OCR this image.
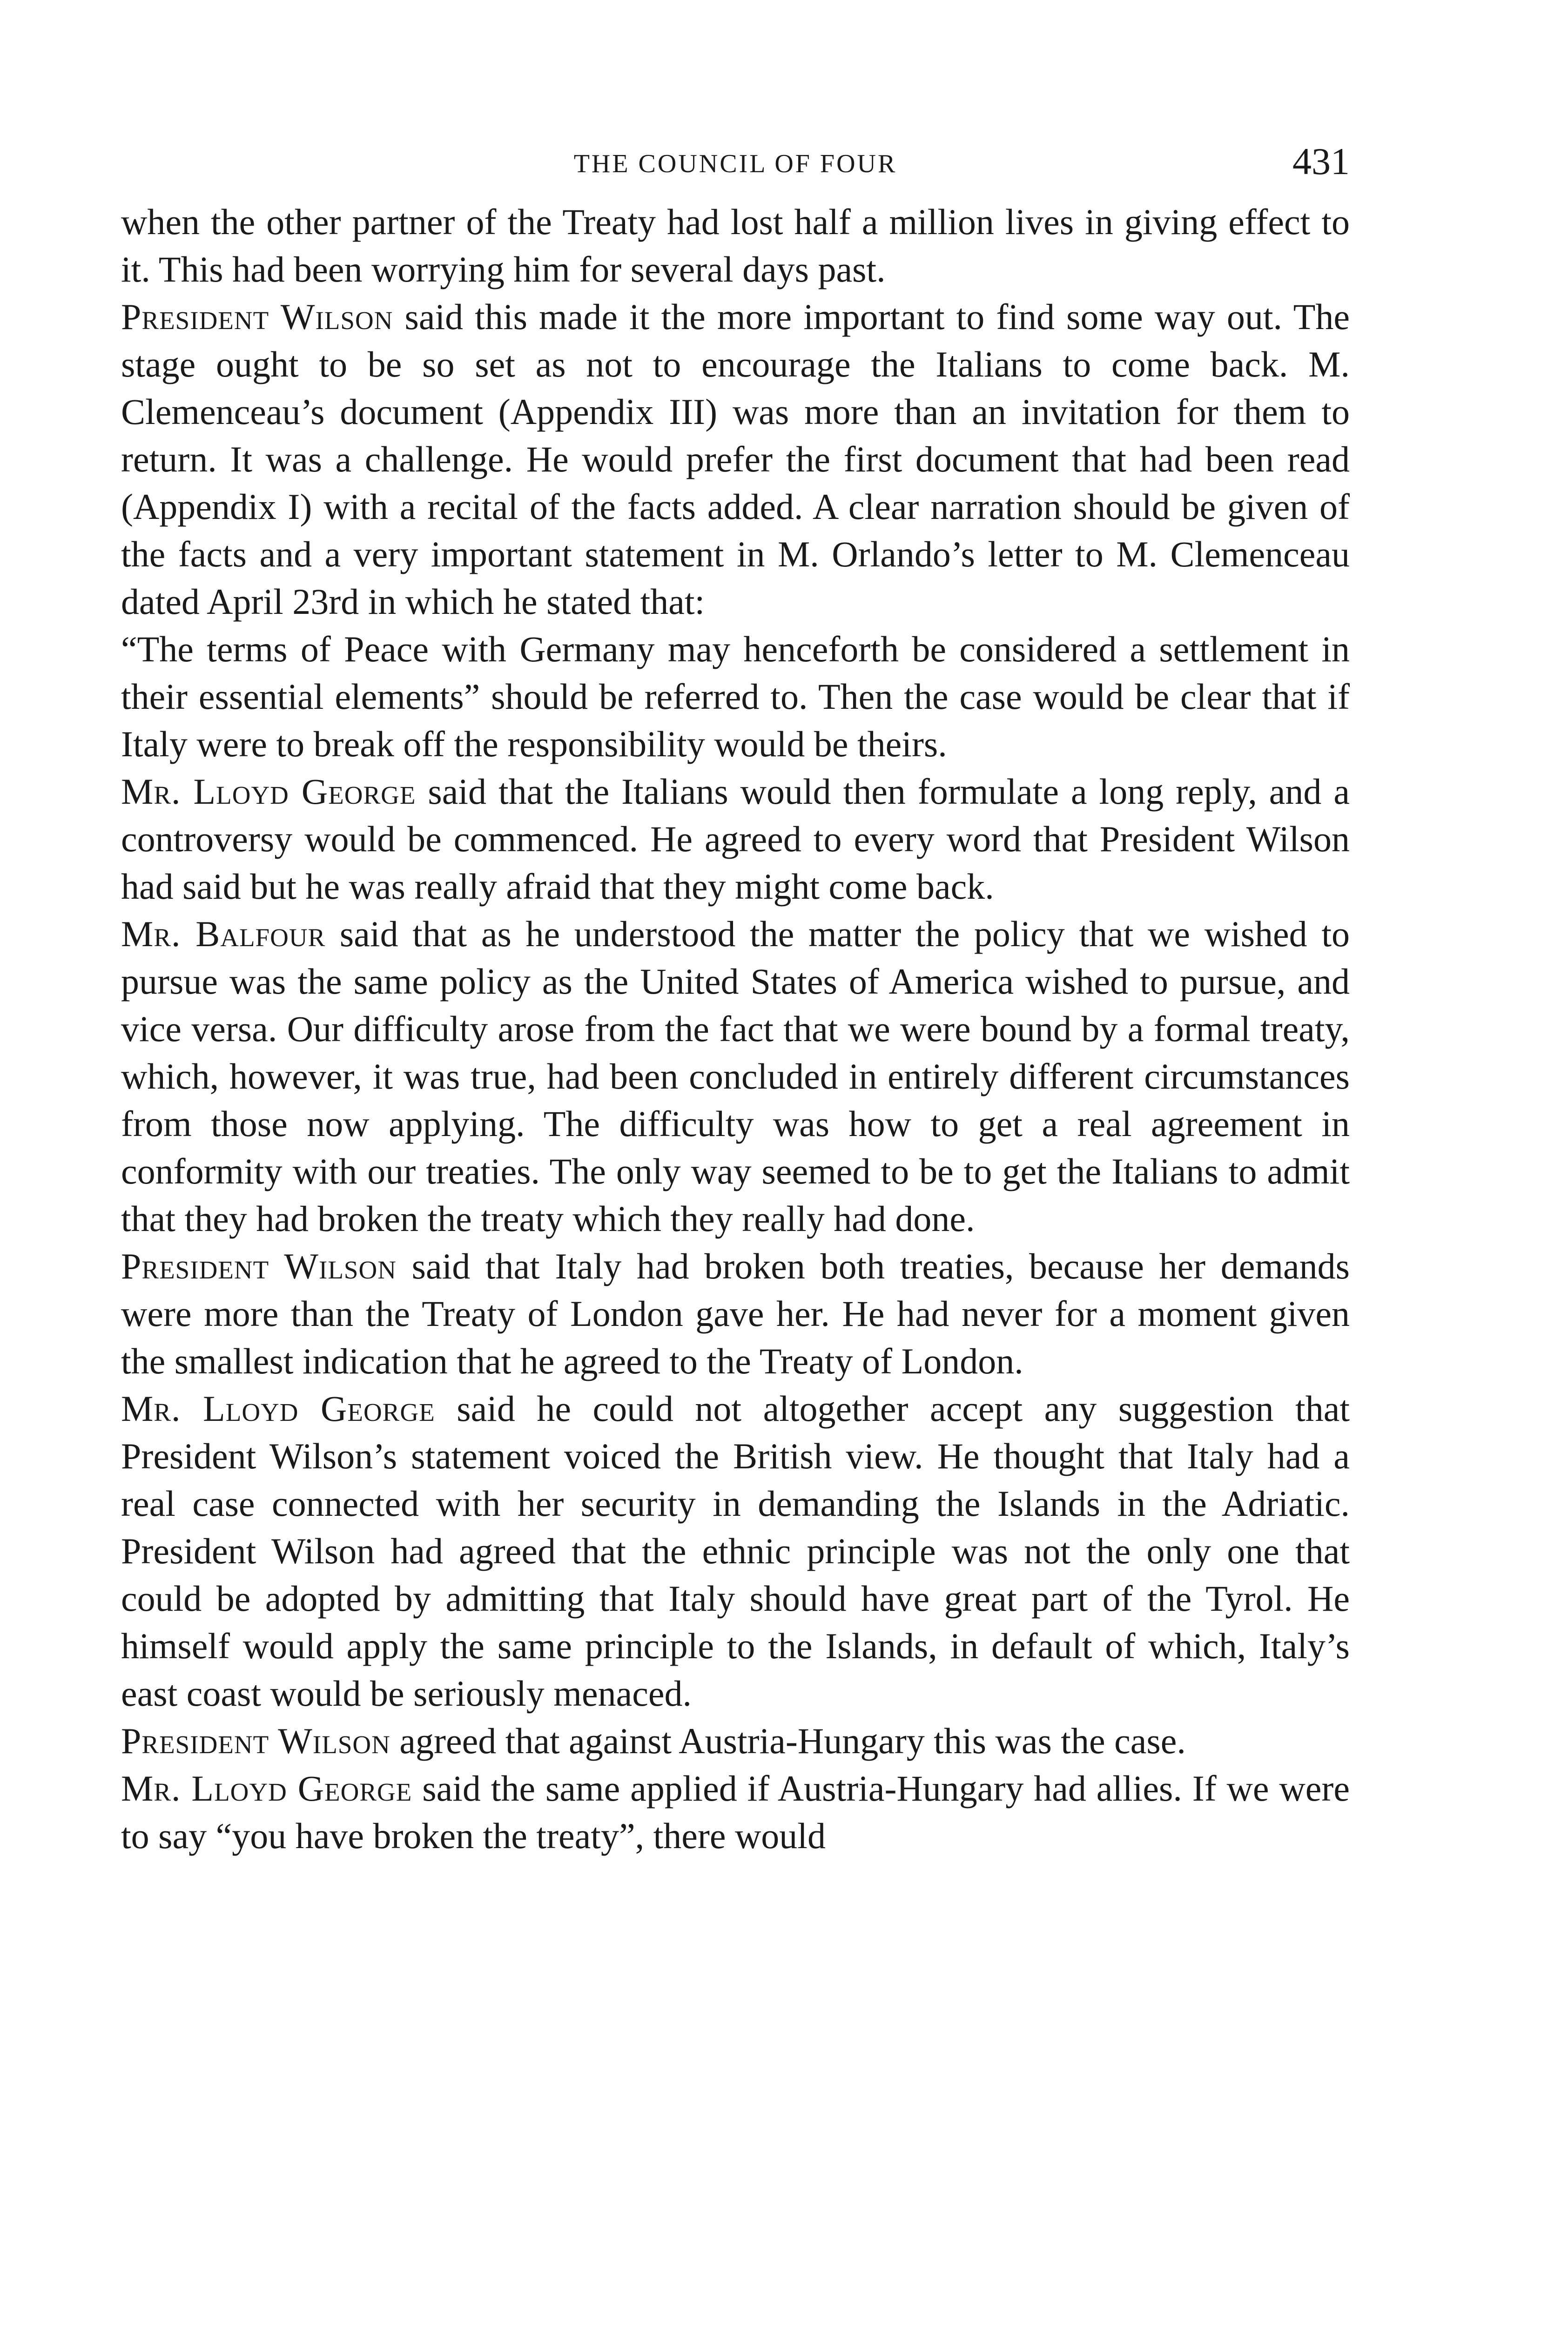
THE COUNCIL OF FOUR	431

when the other partner of the Treaty had lost half a million lives in giving effect to it. This had been worrying him for several days past.

President Wilson said this made it the more important to find some way out. The stage ought to be so set as not to encourage the Italians to come back. M. Clemenceau’s document (Appendix III) was more than an invitation for them to return. It was a challenge. He would prefer the first document that had been read (Appendix I) with a recital of the facts added. A clear narration should be given of the facts and a very important statement in M. Orlando’s letter to M. Clemenceau dated April 23rd in which he stated that:

“The terms of Peace with Germany may henceforth be considered a settlement in their essential elements” should be referred to. Then the case would be clear that if Italy were to break off the responsibility would be theirs.

Mr. Lloyd George said that the Italians would then formulate a long reply, and a controversy would be commenced. He agreed to every word that President Wilson had said but he was really afraid that they might come back.

Mr. Balfour said that as he understood the matter the policy that we wished to pursue was the same policy as the United States of America wished to pursue, and vice versa. Our difficulty arose from the fact that we were bound by a formal treaty, which, however, it was true, had been concluded in entirely different circumstances from those now applying. The difficulty was how to get a real agreement in conformity with our treaties. The only way seemed to be to get the Italians to admit that they had broken the treaty which they really had done.

President Wilson said that Italy had broken both treaties, because her demands were more than the Treaty of London gave her. He had never for a moment given the smallest indication that he agreed to the Treaty of London.

Mr. Lloyd George said he could not altogether accept any suggestion that President Wilson’s statement voiced the British view. He thought that Italy had a real case connected with her security in demanding the Islands in the Adriatic. President Wilson had agreed that the ethnic principle was not the only one that could be adopted by admitting that Italy should have great part of the Tyrol. He himself would apply the same principle to the Islands, in default of which, Italy’s east coast would be seriously menaced.

President Wilson agreed that against Austria-Hungary this was the case.

Mr. Lloyd George said the same applied if Austria-Hungary had allies. If we were to say “you have broken the treaty”, there would
